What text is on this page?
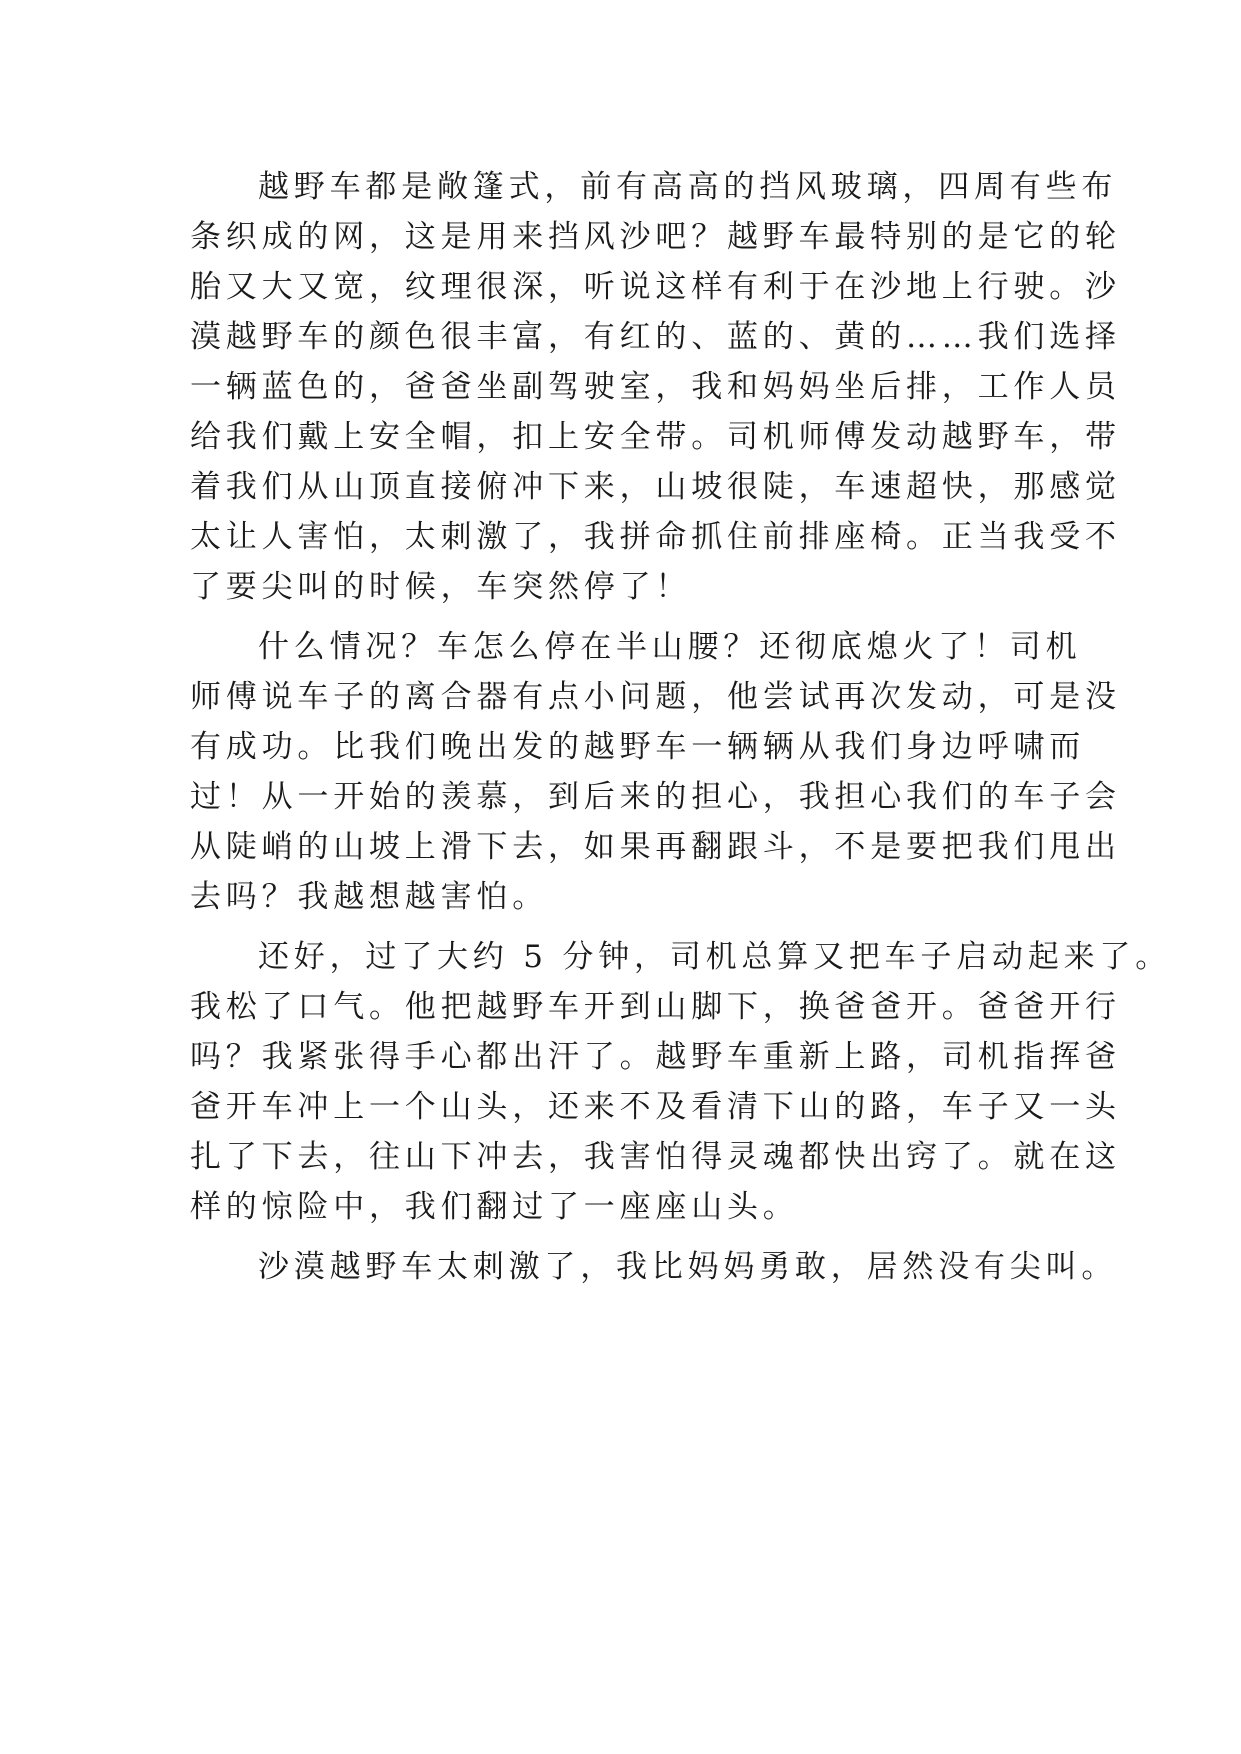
越野车都是敞篷式，前有高高的挡风玻璃，四周有些布
条织成的网，这是用来挡风沙吧？越野车最特别的是它的轮
胎又大又宽，纹理很深，听说这样有利于在沙地上行驶。沙
漠越野车的颜色很丰富，有红的、蓝的、黄的……我们选择
一辆蓝色的，爸爸坐副驾驶室，我和妈妈坐后排，工作人员
给我们戴上安全帽，扣上安全带。司机师傅发动越野车，带
着我们从山顶直接俯冲下来，山坡很陡，车速超快，那感觉
太让人害怕，太刺激了，我拼命抓住前排座椅。正当我受不
了要尖叫的时候，车突然停了！
什么情况？车怎么停在半山腰？还彻底熄火了！司机
师傅说车子的离合器有点小问题，他尝试再次发动，可是没
有成功。比我们晚出发的越野车一辆辆从我们身边呼啸而
过！从一开始的羡慕，到后来的担心，我担心我们的车子会
从陡峭的山坡上滑下去，如果再翻跟斗，不是要把我们甩出
去吗？我越想越害怕。
还好，过了大约 5 分钟，司机总算又把车子启动起来了。
我松了口气。他把越野车开到山脚下，换爸爸开。爸爸开行
吗？我紧张得手心都出汗了。越野车重新上路，司机指挥爸
爸开车冲上一个山头，还来不及看清下山的路，车子又一头
扎了下去，往山下冲去，我害怕得灵魂都快出窍了。就在这
样的惊险中，我们翻过了一座座山头。
沙漠越野车太刺激了，我比妈妈勇敢，居然没有尖叫。
